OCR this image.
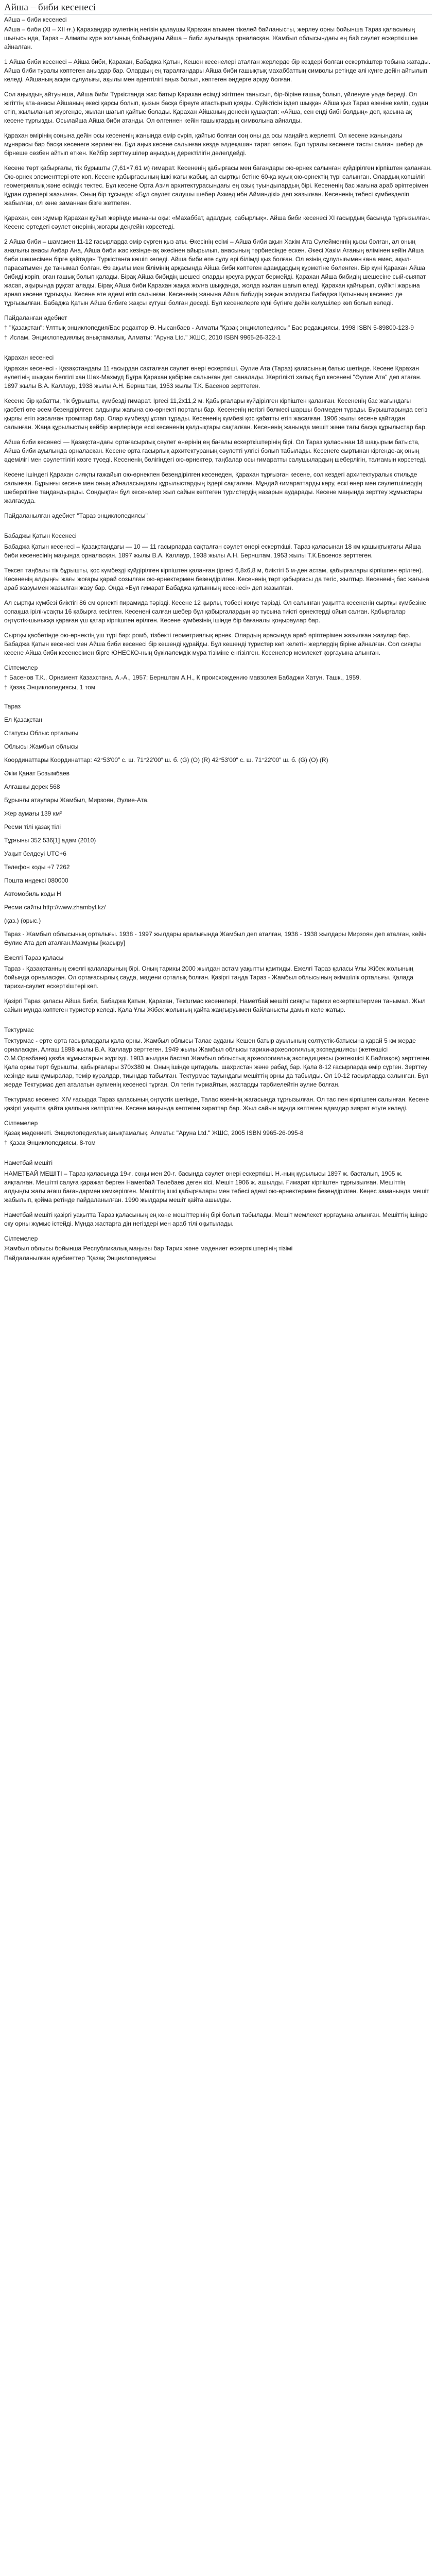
Айша – биби кесенесі
Айша – биби кесенесі

Айша – биби (XI – XII ғғ.) Қарахандар әулетінің негізін қалаушы Қарахан атымен тікелей байланысты, жерлеу орны бойынша Тараз қаласының шығысында, Тараз – Алматы күре жолының бойындағы Айша – биби ауылында орналасқан. Жамбыл облысындағы ең бай сәулет ескерткішіне айналған.

1 Айша биби кесенесі – Айша биби, Қарахан, Бабаджа Қатын, Кешен кесенелері аталған жерлерде бір кездері болған ескерткіштер тобына жатады. Айша биби туралы көптеген аңыздар бар. Олардың ең таралғандары Айша биби ғашықтық махаббаттың символы ретінде әлі күнге дейін айтылып келеді. Айшаның асқан сұлулығы, ақылы мен әдептілігі аңыз болып, көптеген әндерге арқау болған.

Сол аңыздың айтуынша, Айша биби Түркістанда жас батыр Қарахан есімді жігітпен танысып, бір-біріне ғашық болып, үйленуге уәде береді. Ол жігіттің ата-анасы Айшаның әкесі қарсы болып, қызын басқа біреуге атастырып қояды. Сүйіктісін іздеп шыққан Айша қыз Тараз өзеніне келіп, судан өтіп, жылыланып жүргенде, жылан шағып қайтыс болады. Қарахан Айшаның денесін құшақтап: «Айша, сен енді бибі болдың» деп, қасына ақ кесене тұрғызды. Осылайша Айша биби атанды. Ол өлгеннен кейін ғашықтардың символына айналды.

Қарахан өмірінің соңына дейін осы кесененің жанында өмір сүріп, қайтыс болған соң оны да осы маңайға жерлепті. Ол кесене жанындағы мұнарасы бар басқа кесенеге жерленген. Бұл аңыз кесене салынған кезде әлдеқашан тарап кеткен. Бұл туралы кесенеге тасты салған шебер де бірнеше сөзбен айтып өткен. Кейбір зерттеушілер аңыздың деректілігін дәлелдейді.

Кесене төрт қабырғалы, тік бұрышты (7,61×7,61 м) ғимарат. Кесененің қабырғасы мен бағандары ою-өрнек салынған күйдірілген кірпіштен қаланған. Ою-өрнек элементтері өте көп. Кесене қабырғасының ішкі жағы жабық, ал сыртқы бетіне 60-қа жуық ою-өрнектің түрі салынған. Олардың көпшілігі геометриялық және өсімдік тектес. Бұл кесене Орта Азия архитектурасындағы ең озық туындылардың бірі. Кесененің бас жағына араб әріптерімен Құран сүрелері жазылған. Оның бір тұсында: «Бұл сәулет салушы шебер Ахмед ибн Аймандікі» деп жазылған. Кесененің төбесі күмбезделіп жабылған, ол көне заманнан бізге жетпеген.

Қарахан, сен жұмыр Қарахан құйып жерінде мынаны оқы: «Махаббат, адалдық, сабырлық». Айша биби кесенесі ХІ ғасырдың басында тұрғызылған. Кесене ертедегі сәулет өнерінің жоғары деңгейін көрсетеді.

2 Айша биби – шамамен 11-12 ғасырларда өмір сүрген қыз аты. Өкесінің есімі – Айша биби ақын Хакім Ата Сүлейменнің қызы болған, ал оның аналығы анасы Анбар Ана, Айша биби жас кезінде-ақ әкесінен айырылып, анасының тәрбиесінде өскен. Әкесі Хакім Атаның өлімінен кейін Айша биби шешесімен бірге қайтадан Түркістанға көшіп келеді. Айша биби өте сұлу әрі білімді қыз болған. Ол өзінің сұлулығымен ғана емес, ақыл-парасатымен де танымал болған. Өз ақылы мен білімінің арқасында Айша биби көптеген адамдардың құрметіне бөленген. Бір күні Қарахан Айша бибиді көріп, оған ғашық болып қалады. Бірақ Айша бибидің шешесі оларды қосуға рұқсат бермейді. Қарахан Айша бибидің шешесіне сый-сыяпат жасап, ақырында рұқсат алады. Бірақ Айша биби Қарахан жаққа жолға шыққанда, жолда жылан шағып өледі. Қарахан қайғырып, сүйікті жарына арнап кесене тұрғызды. Кесене өте әдемі етіп салынған. Кесененің жанына Айша бибидің жақын жолдасы Бабаджа Қатынның кесенесі де тұрғызылған. Бабаджа Қатын Айша бибиге жақсы күтуші болған деседі. Бұл кесенелерге күні бүгінге дейін келушілер көп болып келеді.

Пайдаланған әдебиет
† "Қазақстан": Ұлттық энциклопедия/Бас редактор Ә. Нысанбаев - Алматы "Қазақ энциклопедиясы" Бас редакциясы, 1998 ISBN 5-89800-123-9
† Ислам. Энциклопедиялық анықтамалық. Алматы: "Аруна Ltd." ЖШС, 2010 ISBN 9965-26-322-1
Қарахан кесенесі

Қарахан кесенесі - Қазақстандағы 11 ғасырдан сақталған сәулет өнері ескерткіші. Әулие Ата (Тараз) қаласының батыс шетінде. Кесене Қарахан әулетінің шыққан белгілі хан Шах-Махмуд Бұғра Қарахан қабіріне салынған деп саналады. Жергілікті халық бұл кесенені "Әулие Ата" деп атаған. 1897 жылы В.А. Каллаур, 1938 жылы А.Н. Бернштам, 1953 жылы Т.К. Басенов зерттеген.

Кесене бір қабатты, тік бұрышты, күмбезді ғимарат. Іргесі 11,2x11,2 м. Қабырғалары күйдірілген кірпіштен қаланған. Кесененің бас жағындағы қасбеті өте әсем безендірілген: алдыңғы жағына ою-өрнекті порталы бар. Кесененің негізгі бөлмесі шаршы бөлмеден тұрады. Бұрыштарында сегіз қырлы етіп жасалған тромптар бар. Олар күмбезді ұстап тұрады. Кесененің күмбезі қос қабатты етіп жасалған. 1906 жылы кесене қайтадан салынған. Жаңа құрылыстың кейбір жерлерінде ескі кесененің қалдықтары сақталған. Кесененің жанында мешіт және тағы басқа құрылыстар бар.

Айша биби кесенесі — Қазақстандағы ортағасырлық сәулет өнерінің ең бағалы ескерткіштерінің бірі. Ол Тараз қаласынан 18 шақырым батыста, Айша биби ауылында орналасқан. Кесене орта ғасырлық архитектураның сәулетті үлгісі болып табылады. Кесенеге сыртынан кіргенде-ақ оның әдемілігі мен сәулеттілігі көзге түседі. Кесененің бөлігіндегі ою-өрнектер, таңбалар осы ғимаратты салушылардың шеберлігін, талғамын көрсетеді.

Кесене ішіндегі Қарахан сияқты ғажайып ою-өрнекпен безендірілген кесенеден, Қарахан тұрғызған кесене, сол кездегі архитектуралық стильде салынған. Бұрынғы кесене мен оның айналасындағы құрылыстардың іздері сақталған. Мұндай ғимараттарды көру, ескі өнер мен сәулетшілердің шеберлігіне таңдандырады. Сондықтан бұл кесенелер жыл сайын көптеген туристердің назарын аударады. Кесене маңында зерттеу жұмыстары жалғасуда.

Пайдаланылған әдебиет "Тараз энциклопедиясы"
Бабаджы Қатын Кесенесі

Бабаджа Қатын кесенесі – Қазақстандағы — 10 — 11 ғасырларда сақталған сәулет өнері ескерткіші. Тараз қаласынан 18 км қашықтықтағы Айша биби кесенесінің маңында орналасқан. 1897 жылы В.А. Каллаур, 1938 жылы А.Н. Бернштам, 1953 жылы Т.К.Басенов зерттеген.

Тексеп таңбалы тік бұрышты, қос күмбезді күйдірілген кірпіштен қаланған (іргесі 6,8x6,8 м, биіктігі 5 м-ден астам, қабырғалары кірпішпен өрілген). Кесененің алдыңғы жағы жоғары қарай созылған ою-өрнектермен безендірілген. Кесененің төрт қабырғасы да тегіс, жылтыр. Кесененің бас жағына араб жазуымен жазылған жазу бар. Онда «Бұл ғимарат Бабаджа қатынның кесенесі» деп жазылған.

Ал сыртқы күмбезі биіктігі 86 см өрнекті пирамида тәрізді. Кесене 12 қырлы, төбесі конус тәрізді. Ол салынған уақытта кесененің сыртқы күмбезіне сопақша ірілі-ұсақты 16 қабырға кесілген. Кесенені салған шебер бұл қабырғалардың әр тұсына тиісті өрнектерді ойып салған. Қабырғалар оңтүстік-шығысқа қараған үш қатар кірпішпен өрілген. Кесене күмбезінің ішінде бір бағаналы қоңыраулар бар.

Сыртқы қасбетінде ою-өрнектің үш түрі бар: ромб, тізбекті геометриялық өрнек. Олардың арасында араб әріптерімен жазылған жазулар бар. Бабаджа Қатын кесенесі мен Айша биби кесенесі бір кешенді құрайды. Бұл кешенді туристер көп келетін жерлердің біріне айналған. Сол сияқты кесене Айша биби кесенесімен бірге ЮНЕСКО-ның бүкіләлемдік мұра тізіміне енгізілген. Кесенелер мемлекет қорғауына алынған.

Сілтемелер
† Басенов Т.К., Орнамент Казахстана. А.-А., 1957; Бернштам А.Н., К происхождению мавзолея Бабаджи Хатун. Ташк., 1959.
† Қазақ Энциклопедиясы, 1 том
Тараз
Ел Қазақстан
Статусы Облыс орталығы
Облысы Жамбыл облысы
Координаттары Координаттар: 42°53′00″ с. ш. 71°22′00″ ш. б. (G) (O) (R) 42°53′00″ с. ш. 71°22′00″ ш. б. (G) (O) (R)
Әкім Қанат Бозымбаев
Алғашқы дерек 568
Бұрынғы атаулары Жамбыл, Мирзоян, Әулие-Ата.
Жер аумағы 139 км²
Ресми тілі қазақ тілі
Тұрғыны 352 536[1] адам (2010)
Уақыт белдеуі UTC+6
Телефон коды +7 7262
Пошта индексі 080000
Автомобиль коды Н
Ресми сайты http://www.zhambyl.kz/
(қаз.) (орыс.)

Тараз - Жамбыл облысының орталығы. 1938 - 1997 жылдары аралығында Жамбыл деп аталған, 1936 - 1938 жылдары Мирзоян деп аталған, кейін Әулие Ата деп аталған.Мазмұны [жасыру]

Ежелгі Тараз қаласы

Тараз - Қазақстанның ежелгі қалаларының бірі. Оның тарихы 2000 жылдан астам уақытты қамтиды. Ежелгі Тараз қаласы Ұлы Жібек жолының бойында орналасқан. Ол ортағасырлық сауда, мәдени орталық болған. Қазіргі таңда Тараз - Жамбыл облысының әкімшілік орталығы. Қалада тарихи-сәулет ескерткіштері көп.

Қазіргі Тараз қаласы Айша Биби, Бабаджа Қатын, Қарахан, Текturмас кесенелері, Наметбай мешіті сияқты тарихи ескерткіштермен танымал. Жыл сайын мұнда көптеген туристер келеді. Қала Ұлы Жібек жолының қайта жаңғыруымен байланысты дамып келе жатыр.

Тектурмас

Тектурмас - ерте орта ғасырлардағы қала орны. Жамбыл облысы Талас ауданы Кешен батыр ауылының солтүстік-батысына қарай 5 км жерде орналасқан. Алғаш 1898 жылы В.А. Каллаур зерттеген. 1949 жылы Жамбыл облысы тарихи-археологиялық экспедициясы (жетекшісі Ә.М.Оразбаев) қазба жұмыстарын жүргізді. 1983 жылдан бастап Жамбыл облыстық археологиялық экспедициясы (жетекшісі К.Байпақов) зерттеген. Қала орны төрт бұрышты, қабырғалары 370x380 м. Оның ішінде цитадель, шахристан және рабад бар. Қала 8-12 ғасырларда өмір сүрген. Зерттеу кезінде қыш құмыралар, темір құралдар, тиындар табылған. Тектурмас тауындағы мешіттің орны да табылды. Ол 10-12 ғасырларда салынған. Бұл жерде Тектурмас деп аталатын әулиенің кесенесі тұрған. Ол тегін түрмайтын, жастарды тәрбиелейтін әулие болған.

Тектурмас кесенесі ХІV ғасырда Тараз қаласының оңтүстік шетінде, Талас өзенінің жағасында тұрғызылған. Ол тас пен кірпіштен салынған. Кесене қазіргі уақытта қайта қалпына келтірілген. Кесене маңында көптеген зираттар бар. Жыл сайын мұнда көптеген адамдар зиярат етуге келеді.

Сілтемелер
Қазақ мәдениеті. Энциклопедиялық анықтамалық. Алматы: "Аруна Ltd." ЖШС, 2005 ISBN 9965-26-095-8
† Қазақ Энциклопедиясы, 8-том
Наметбай мешіті

НАМЕТБАЙ МЕШІТІ – Тараз қаласында 19-ғ. соңы мен 20-ғ. басында сәулет өнері ескерткіші. Н.-ның құрылысы 1897 ж. басталып, 1905 ж. аяқталған. Мешітті салуға қаражат берген Наметбай Төлебаев деген кісі. Мешіт 1906 ж. ашылды. Ғимарат кірпіштен тұрғызылған. Мешіттің алдыңғы жағы ағаш бағандармен көмкерілген. Мешіттің ішкі қабырғалары мен төбесі әдемі ою-өрнектермен безендірілген. Кеңес заманында мешіт жабылып, қойма ретінде пайдаланылған. 1990 жылдары мешіт қайта ашылды.

Наметбай мешіті қазіргі уақытта Тараз қаласының ең көне мешіттерінің бірі болып табылады. Мешіт мемлекет қорғауына алынған. Мешіттің ішінде оқу орны жұмыс істейді. Мұнда жастарға дін негіздері мен араб тілі оқытылады.

Сілтемелер
Жамбыл облысы бойынша Республикалық маңызы бар Тарих және мәдениет ескерткіштерінің тізімі
Пайдаланылған әдебиеттер "Қазақ Энциклопедиясы
